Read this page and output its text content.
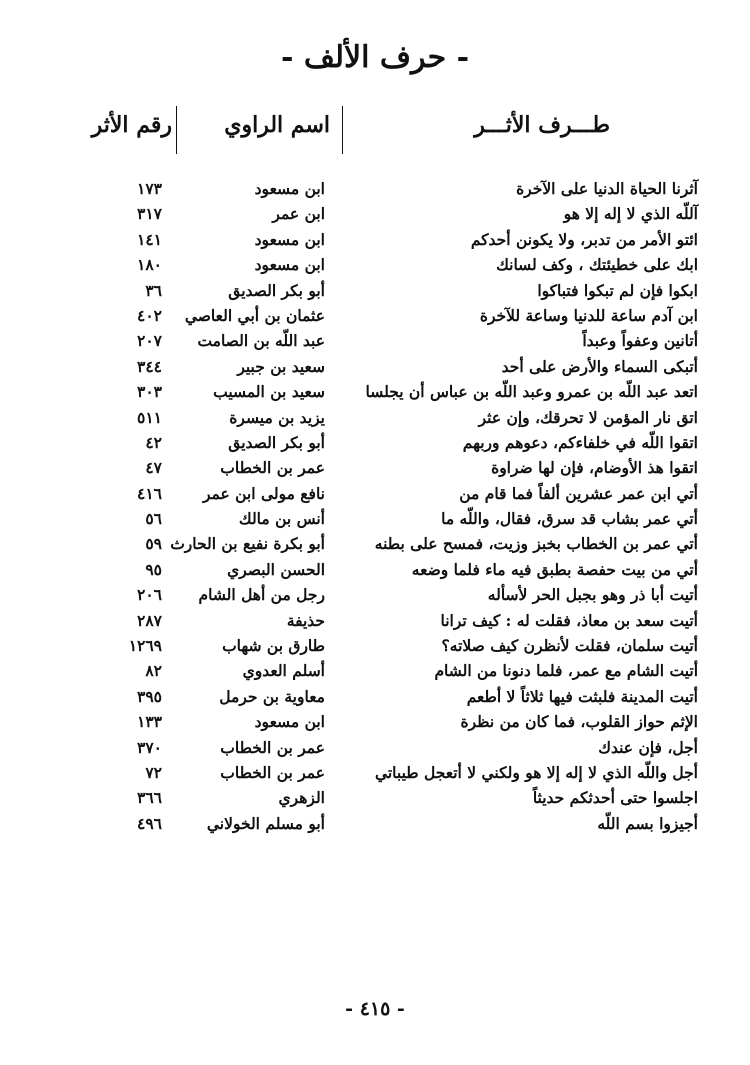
- حرف الألف -
طـــرف الأثـــر
اسم الراوي
رقم الأثر
آثرنا الحياة الدنيا على الآخرة
ابن مسعود
١٧٣
آللّه الذي لا إله إلا هو
ابن عمر
٣١٧
ائتو الأمر من تدبر، ولا يكونن أحدكم
ابن مسعود
١٤١
ابك على خطيئتك ، وكف لسانك
ابن مسعود
١٨٠
ابكوا فإن لم تبكوا فتباكوا
أبو بكر الصديق
٣٦
ابن آدم ساعة للدنيا وساعة للآخرة
عثمان بن أبي العاصي
٤٠٢
أتانين وعفواً وعبداً
عبد اللّه بن الصامت
٢٠٧
أتبكى السماء والأرض على أحد
سعيد بن جبير
٣٤٤
اتعد عبد اللّه بن عمرو وعبد اللّه بن عباس أن يجلسا
سعيد بن المسيب
٣٠٣
اتق نار المؤمن لا تحرقك، وإن عثر
يزيد بن ميسرة
٥١١
اتقوا اللّه في خلفاءكم، دعوهم وربهم
أبو بكر الصديق
٤٢
اتقوا هذ الأوضام، فإن لها ضراوة
عمر بن الخطاب
٤٧
أتي ابن عمر عشرين ألفاً فما قام من
نافع مولى ابن عمر
٤١٦
أتي عمر بشاب قد سرق، فقال، واللّه ما
أنس بن مالك
٥٦
أتي عمر بن الخطاب بخبز وزيت، فمسح على بطنه
أبو بكرة نفيع بن الحارث
٥٩
أتي من بيت حفصة بطبق فيه ماء فلما وضعه
الحسن البصري
٩٥
أتيت أبا ذر وهو بجبل الحر لأسأله
رجل من أهل الشام
٢٠٦
أتيت سعد بن معاذ، فقلت له : كيف ترانا
حذيفة
٢٨٧
أتيت سلمان، فقلت لأنظرن كيف صلاته؟
طارق بن شهاب
١٢٦٩
أتيت الشام مع عمر، فلما دنونا من الشام
أسلم العدوي
٨٢
أتيت المدينة فلبثت فيها ثلاثاً لا أطعم
معاوية بن حرمل
٣٩٥
الإثم حواز القلوب، فما كان من نظرة
ابن مسعود
١٣٣
أجل، فإن عندك
عمر بن الخطاب
٣٧٠
أجل واللّه الذي لا إله إلا هو ولكني لا أتعجل طيباتي
عمر بن الخطاب
٧٢
اجلسوا حتى أحدثكم حديثاً
الزهري
٣٦٦
أجيزوا بسم اللّه
أبو مسلم الخولاني
٤٩٦
- ٤١٥ -
